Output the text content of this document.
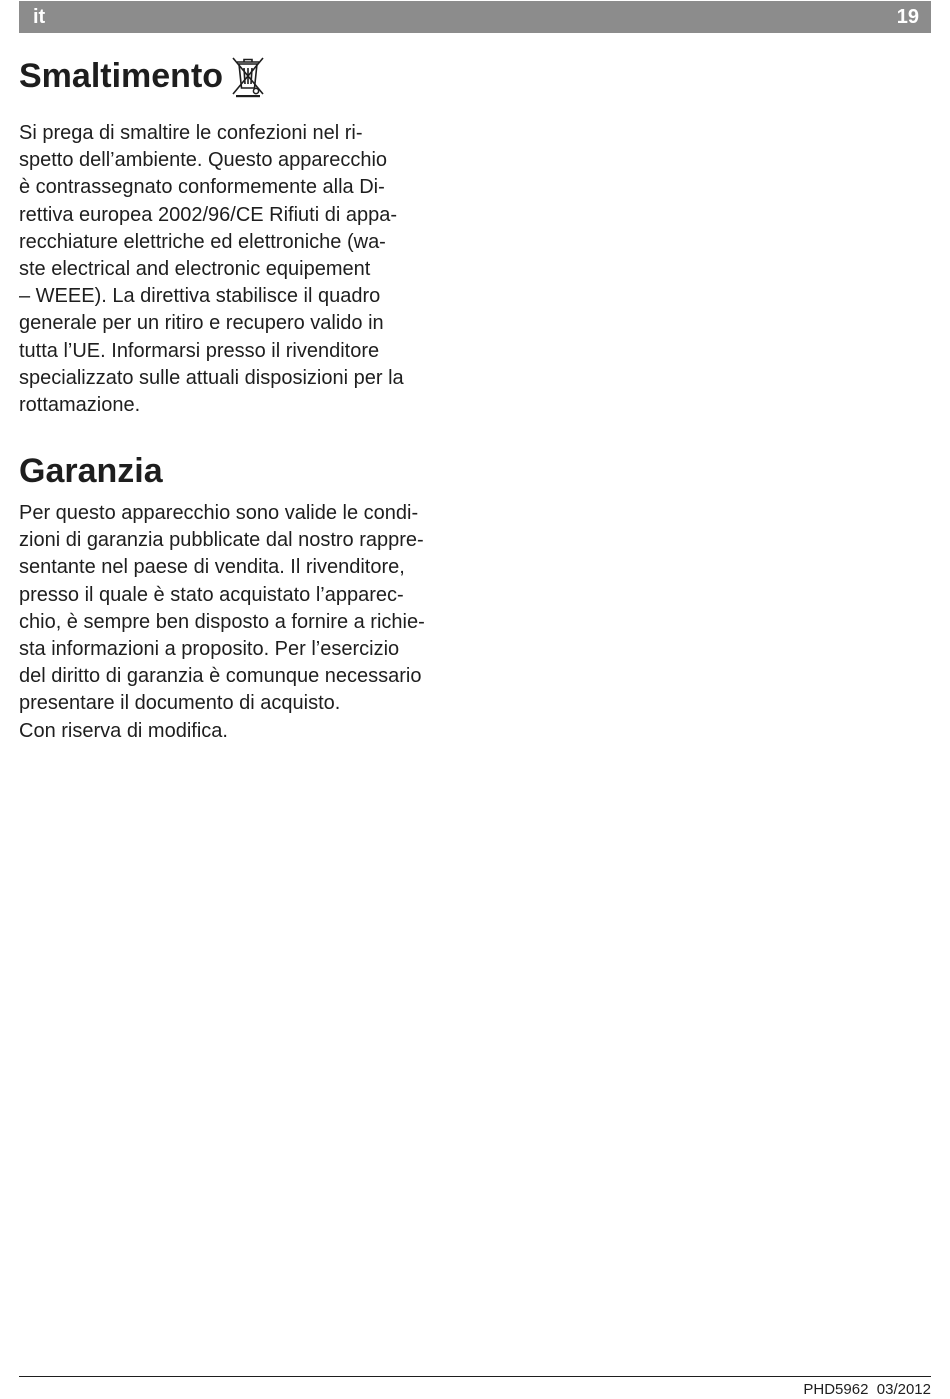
it	19
Smaltimento

Si prega di smaltire le confezioni nel ri-
spetto dell’ambiente. Questo apparecchio
è contrassegnato conformemente alla Di-
rettiva europea 2002/96/CE Rifiuti di appa-
recchiature elettriche ed elettroniche (wa-
ste electrical and electronic equipement
– WEEE). La direttiva stabilisce il quadro
generale per un ritiro e recupero valido in
tutta l’UE. Informarsi presso il rivenditore
specializzato sulle attuali disposizioni per la
rottamazione.

Garanzia

Per questo apparecchio sono valide le condi-
zioni di garanzia pubblicate dal nostro rappre-
sentante nel paese di vendita. Il rivenditore,
presso il quale è stato acquistato l’apparec-
chio, è sempre ben disposto a fornire a richie-
sta informazioni a proposito. Per l’esercizio
del diritto di garanzia è comunque necessario
presentare il documento di acquisto.
Con riserva di modifica.

PHD5962 03/2012
